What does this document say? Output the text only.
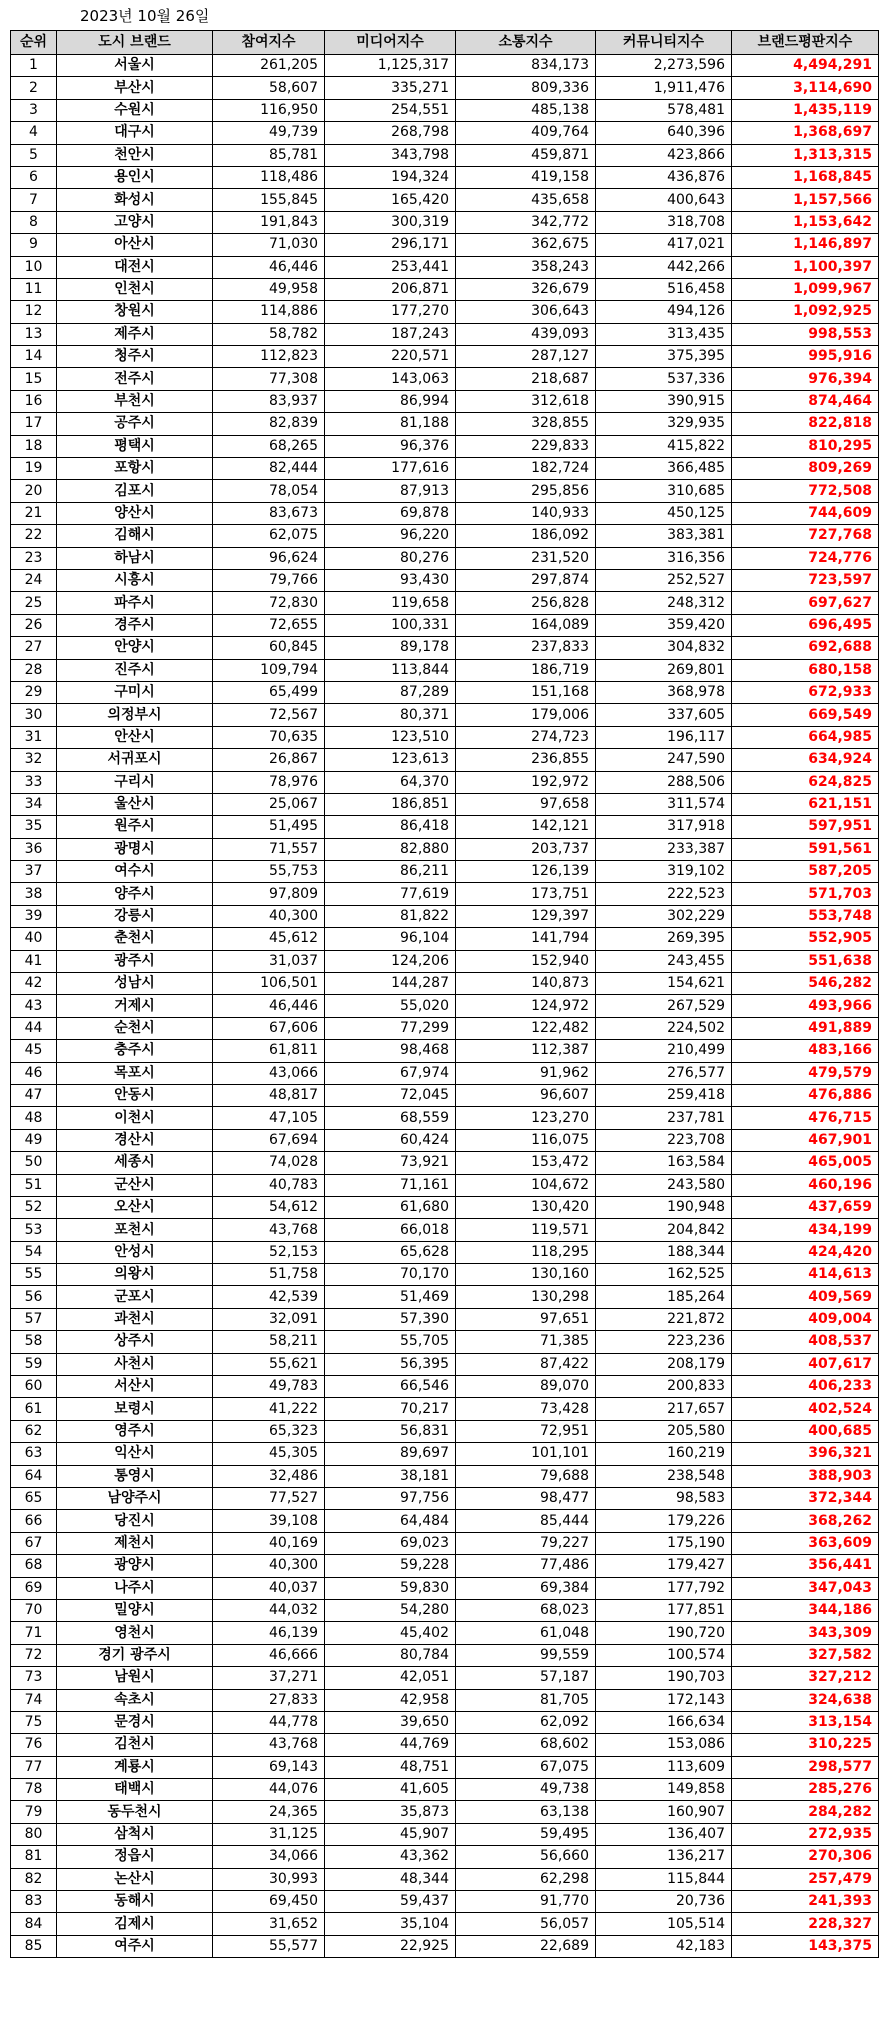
2023년 10월 26일
순위	도시 브랜드	참여지수	미디어지수	소통지수	커뮤니티지수	브랜드평판지수
1	서울시	261,205	1,125,317	834,173	2,273,596	4,494,291
2	부산시	58,607	335,271	809,336	1,911,476	3,114,690
3	수원시	116,950	254,551	485,138	578,481	1,435,119
4	대구시	49,739	268,798	409,764	640,396	1,368,697
5	천안시	85,781	343,798	459,871	423,866	1,313,315
6	용인시	118,486	194,324	419,158	436,876	1,168,845
7	화성시	155,845	165,420	435,658	400,643	1,157,566
8	고양시	191,843	300,319	342,772	318,708	1,153,642
9	아산시	71,030	296,171	362,675	417,021	1,146,897
10	대전시	46,446	253,441	358,243	442,266	1,100,397
11	인천시	49,958	206,871	326,679	516,458	1,099,967
12	창원시	114,886	177,270	306,643	494,126	1,092,925
13	제주시	58,782	187,243	439,093	313,435	998,553
14	청주시	112,823	220,571	287,127	375,395	995,916
15	전주시	77,308	143,063	218,687	537,336	976,394
16	부천시	83,937	86,994	312,618	390,915	874,464
17	공주시	82,839	81,188	328,855	329,935	822,818
18	평택시	68,265	96,376	229,833	415,822	810,295
19	포항시	82,444	177,616	182,724	366,485	809,269
20	김포시	78,054	87,913	295,856	310,685	772,508
21	양산시	83,673	69,878	140,933	450,125	744,609
22	김해시	62,075	96,220	186,092	383,381	727,768
23	하남시	96,624	80,276	231,520	316,356	724,776
24	시흥시	79,766	93,430	297,874	252,527	723,597
25	파주시	72,830	119,658	256,828	248,312	697,627
26	경주시	72,655	100,331	164,089	359,420	696,495
27	안양시	60,845	89,178	237,833	304,832	692,688
28	진주시	109,794	113,844	186,719	269,801	680,158
29	구미시	65,499	87,289	151,168	368,978	672,933
30	의정부시	72,567	80,371	179,006	337,605	669,549
31	안산시	70,635	123,510	274,723	196,117	664,985
32	서귀포시	26,867	123,613	236,855	247,590	634,924
33	구리시	78,976	64,370	192,972	288,506	624,825
34	울산시	25,067	186,851	97,658	311,574	621,151
35	원주시	51,495	86,418	142,121	317,918	597,951
36	광명시	71,557	82,880	203,737	233,387	591,561
37	여수시	55,753	86,211	126,139	319,102	587,205
38	양주시	97,809	77,619	173,751	222,523	571,703
39	강릉시	40,300	81,822	129,397	302,229	553,748
40	춘천시	45,612	96,104	141,794	269,395	552,905
41	광주시	31,037	124,206	152,940	243,455	551,638
42	성남시	106,501	144,287	140,873	154,621	546,282
43	거제시	46,446	55,020	124,972	267,529	493,966
44	순천시	67,606	77,299	122,482	224,502	491,889
45	충주시	61,811	98,468	112,387	210,499	483,166
46	목포시	43,066	67,974	91,962	276,577	479,579
47	안동시	48,817	72,045	96,607	259,418	476,886
48	이천시	47,105	68,559	123,270	237,781	476,715
49	경산시	67,694	60,424	116,075	223,708	467,901
50	세종시	74,028	73,921	153,472	163,584	465,005
51	군산시	40,783	71,161	104,672	243,580	460,196
52	오산시	54,612	61,680	130,420	190,948	437,659
53	포천시	43,768	66,018	119,571	204,842	434,199
54	안성시	52,153	65,628	118,295	188,344	424,420
55	의왕시	51,758	70,170	130,160	162,525	414,613
56	군포시	42,539	51,469	130,298	185,264	409,569
57	과천시	32,091	57,390	97,651	221,872	409,004
58	상주시	58,211	55,705	71,385	223,236	408,537
59	사천시	55,621	56,395	87,422	208,179	407,617
60	서산시	49,783	66,546	89,070	200,833	406,233
61	보령시	41,222	70,217	73,428	217,657	402,524
62	영주시	65,323	56,831	72,951	205,580	400,685
63	익산시	45,305	89,697	101,101	160,219	396,321
64	통영시	32,486	38,181	79,688	238,548	388,903
65	남양주시	77,527	97,756	98,477	98,583	372,344
66	당진시	39,108	64,484	85,444	179,226	368,262
67	제천시	40,169	69,023	79,227	175,190	363,609
68	광양시	40,300	59,228	77,486	179,427	356,441
69	나주시	40,037	59,830	69,384	177,792	347,043
70	밀양시	44,032	54,280	68,023	177,851	344,186
71	영천시	46,139	45,402	61,048	190,720	343,309
72	경기 광주시	46,666	80,784	99,559	100,574	327,582
73	남원시	37,271	42,051	57,187	190,703	327,212
74	속초시	27,833	42,958	81,705	172,143	324,638
75	문경시	44,778	39,650	62,092	166,634	313,154
76	김천시	43,768	44,769	68,602	153,086	310,225
77	계룡시	69,143	48,751	67,075	113,609	298,577
78	태백시	44,076	41,605	49,738	149,858	285,276
79	동두천시	24,365	35,873	63,138	160,907	284,282
80	삼척시	31,125	45,907	59,495	136,407	272,935
81	정읍시	34,066	43,362	56,660	136,217	270,306
82	논산시	30,993	48,344	62,298	115,844	257,479
83	동해시	69,450	59,437	91,770	20,736	241,393
84	김제시	31,652	35,104	56,057	105,514	228,327
85	여주시	55,577	22,925	22,689	42,183	143,375
